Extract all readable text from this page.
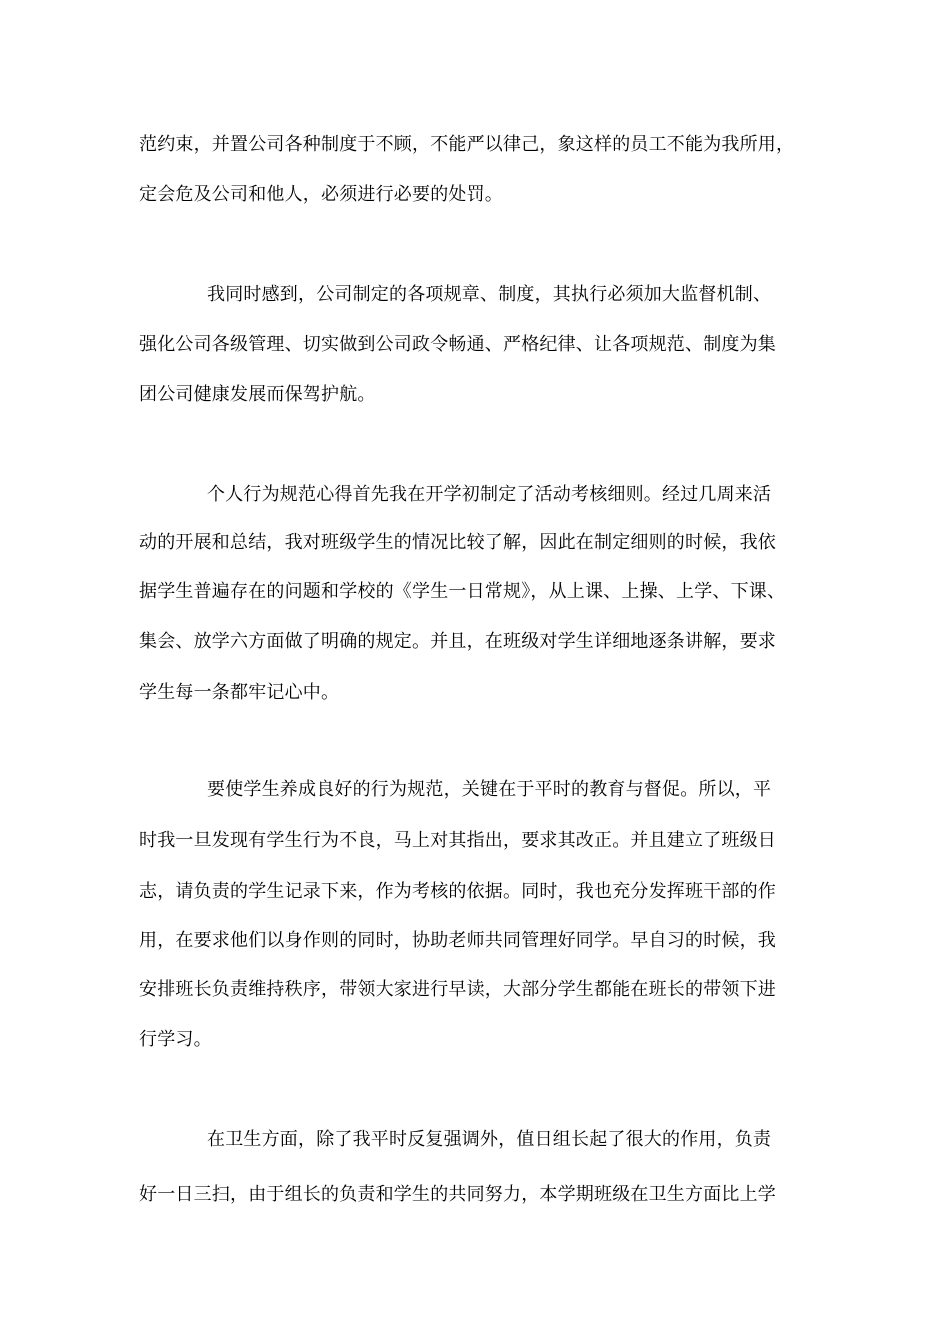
范约束，并置公司各种制度于不顾，不能严以律己，象这样的员工不能为我所用，
定会危及公司和他人，必须进行必要的处罚。
我同时感到，公司制定的各项规章、制度，其执行必须加大监督机制、
强化公司各级管理、切实做到公司政令畅通、严格纪律、让各项规范、制度为集
团公司健康发展而保驾护航。
个人行为规范心得首先我在开学初制定了活动考核细则。经过几周来活
动的开展和总结，我对班级学生的情况比较了解，因此在制定细则的时候，我依
据学生普遍存在的问题和学校的《学生一日常规》，从上课、上操、上学、下课、
集会、放学六方面做了明确的规定。并且，在班级对学生详细地逐条讲解，要求
学生每一条都牢记心中。
要使学生养成良好的行为规范，关键在于平时的教育与督促。所以，平
时我一旦发现有学生行为不良，马上对其指出，要求其改正。并且建立了班级日
志，请负责的学生记录下来，作为考核的依据。同时，我也充分发挥班干部的作
用，在要求他们以身作则的同时，协助老师共同管理好同学。早自习的时候，我
安排班长负责维持秩序，带领大家进行早读，大部分学生都能在班长的带领下进
行学习。
在卫生方面，除了我平时反复强调外，值日组长起了很大的作用，负责
好一日三扫，由于组长的负责和学生的共同努力，本学期班级在卫生方面比上学
